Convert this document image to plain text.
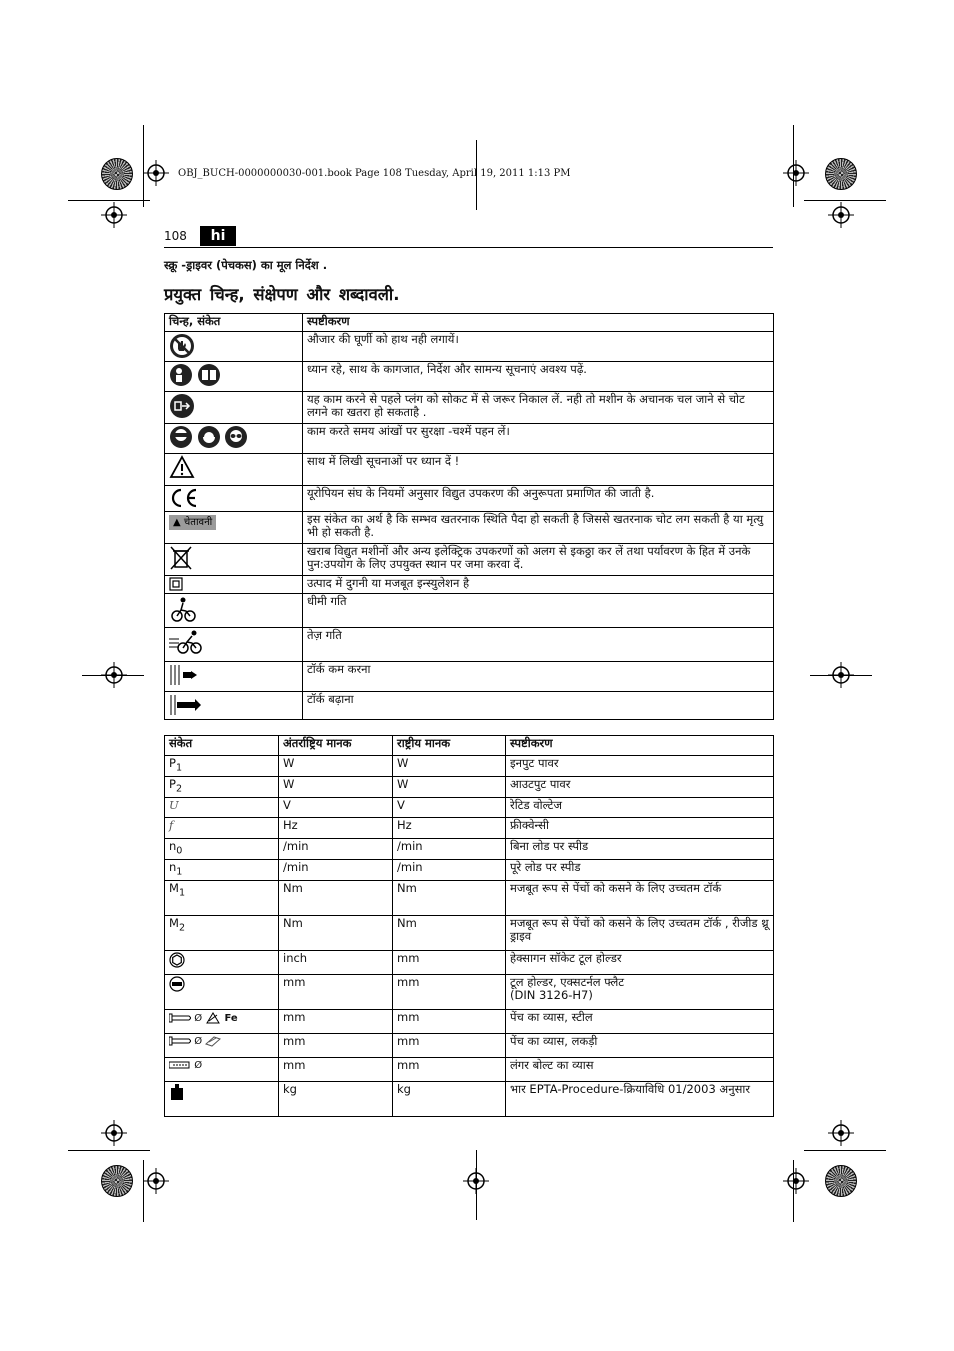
OBJ_BUCH-0000000030-001.book Page 108 Tuesday, April 19, 2011 1:13 PM
108	hi
स्क्रू -ड्राइवर (पेचकस) का मूल निर्देश .
प्रयुक्त चिन्ह, संक्षेपण और शब्दावली.
चिन्ह, संकेत	स्पष्टीकरण
	औजार की घूर्णी को हाथ नही लगायें।
	ध्यान रहे, साथ के कागजात, निर्देश और सामन्य सूचनाएं अवश्य पढ़ें.
	यह काम करने से पहले प्लंग को सोकट में से जरूर निकाल लें. नही तो मशीन के अचानक चल जाने से चोट लगने का खतरा हो सकताहै .
	काम करते समय आंखों पर सुरक्षा -चश्में पहन लें।
	साथ में लिखी सूचनाओं पर ध्यान दें !
	यूरोपियन संघ के नियमों अनुसार विद्युत उपकरण की अनुरूपता प्रमाणित की जाती है.
▲ चेतावनी	इस संकेत का अर्थ है कि सम्भव खतरनाक स्थिति पैदा हो सकती है जिससे खतरनाक चोट लग सकती है या मृत्यु भी हो सकती है.
	खराब विद्युत मशीनों और अन्य इलेक्ट्रिक उपकरणों को अलग से इकठ्ठा कर लें तथा पर्यावरण के हित में उनके पुन:उपयोग के लिए उपयुक्त स्थान पर जमा करवा दें.
	उत्पाद में दुगनी या मजबूत इन्स्युलेशन है
	धीमी गति
	तेज़ गति
	टॉर्क कम करना
	टॉर्क बढ़ाना
संकेत	अंतर्राष्ट्रिय मानक	राष्ट्रीय मानक	स्पष्टीकरण
$P_1$	W	W	इनपुट पावर
$P_2$	W	W	आउटपुट पावर
U	V	V	रेटिड वोल्टेज
f	Hz	Hz	फ्रीक्वेन्सी
$n_0$	/min	/min	बिना लोड पर स्पीड
$n_1$	/min	/min	पूरे लोड पर स्पीड
$M_1$	Nm	Nm	मजबूत रूप से पेंचों को कसने के लिए उच्चतम टॉर्क
$M_2$	Nm	Nm	मजबूत रूप से पेंचों को कसने के लिए उच्चतम टॉर्क , रीजीड थ्रू ड्राइव
	inch	mm	हेक्सागन सॉकेट टूल होल्डर
	mm	mm	टूल होल्डर, एक्सटर्नल फ्लैट
(DIN 3126-H7)

Ø Fe	mm	mm	पेंच का व्यास, स्टील
Ø	mm	mm	पेंच का व्यास, लकड़ी
Ø	mm	mm	लंगर बोल्ट का व्यास
	kg	kg	भार EPTA-Procedure-क्रियाविधि 01/2003 अनुसार
